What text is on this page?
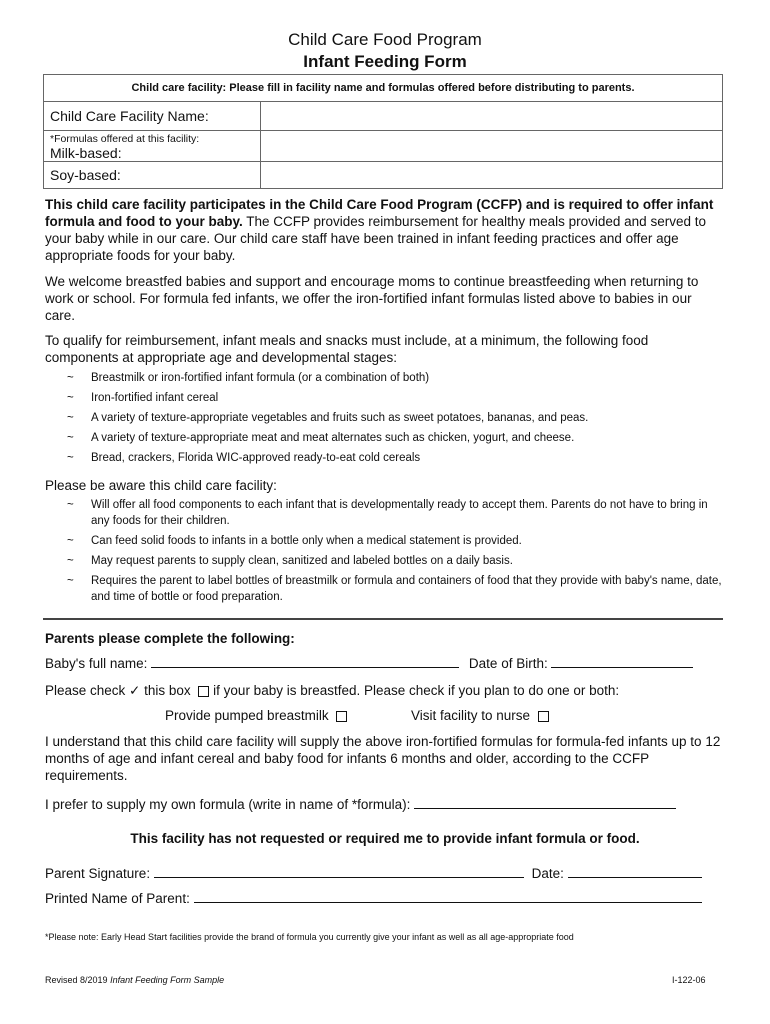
Child Care Food Program
Infant Feeding Form
Child care facility: Please fill in facility name and formulas offered before distributing to parents.	
Child Care Facility Name:	

*Formulas offered at this facility:
Milk-based:	
Soy-based:	

This child care facility participates in the Child Care Food Program (CCFP) and is required to offer infant formula and food to your baby. The CCFP provides reimbursement for healthy meals provided and served to your baby while in our care. Our child care staff have been trained in infant feeding practices and offer age appropriate foods for your baby.

We welcome breastfed babies and support and encourage moms to continue breastfeeding when returning to work or school. For formula fed infants, we offer the iron-fortified infant formulas listed above to babies in our care.

To qualify for reimbursement, infant meals and snacks must include, at a minimum, the following food components at appropriate age and developmental stages:

~ Breastmilk or iron-fortified infant formula (or a combination of both)
~ Iron-fortified infant cereal
~ A variety of texture-appropriate vegetables and fruits such as sweet potatoes, bananas, and peas.
~ A variety of texture-appropriate meat and meat alternates such as chicken, yogurt, and cheese.
~ Bread, crackers, Florida WIC-approved ready-to-eat cold cereals

Please be aware this child care facility:

~ Will offer all food components to each infant that is developmentally ready to accept them. Parents do not have to bring in any foods for their children.
~ Can feed solid foods to infants in a bottle only when a medical statement is provided.
~ May request parents to supply clean, sanitized and labeled bottles on a daily basis.
~ Requires the parent to label bottles of breastmilk or formula and containers of food that they provide with baby's name, date, and time of bottle or food preparation.
Parents please complete the following:
Baby's full name:	Date of Birth:
Please check ✓ this box if your baby is breastfed. Please check if you plan to do one or both:
Provide pumped breastmilk	Visit facility to nurse

I understand that this child care facility will supply the above iron-fortified formulas for formula-fed infants up to 12 months of age and infant cereal and baby food for infants 6 months and older, according to the CCFP requirements.

I prefer to supply my own formula (write in name of *formula):
This facility has not requested or required me to provide infant formula or food.
Parent Signature:	Date:
Printed Name of Parent:
*Please note: Early Head Start facilities provide the brand of formula you currently give your infant as well as all age-appropriate food
Revised 8/2019 Infant Feeding Form Sample	I-122-06
